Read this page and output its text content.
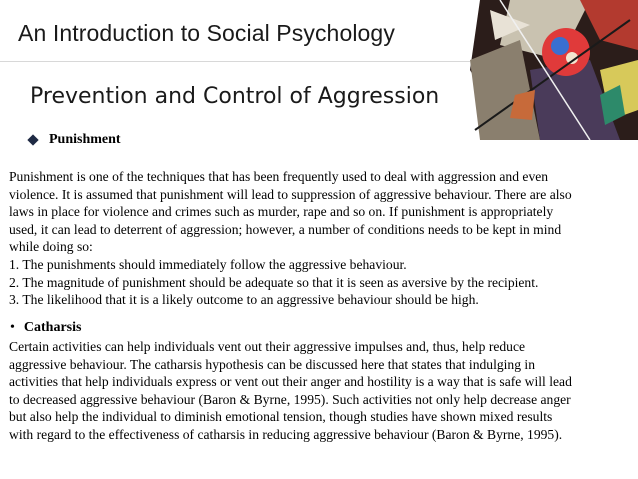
An Introduction to Social Psychology
Prevention and Control of Aggression
Punishment
Punishment is one of the techniques that has been frequently used to deal with aggression and even
violence. It is assumed that punishment will lead to suppression of aggressive behaviour. There are also
laws in place for violence and crimes such as murder, rape and so on. If punishment is appropriately
used, it can lead to deterrent of aggression; however, a number of conditions needs to be kept in mind
while doing so:
1. The punishments should immediately follow the aggressive behaviour.
2. The magnitude of punishment should be adequate so that it is seen as aversive by the recipient.
3. The likelihood that it is a likely outcome to an aggressive behaviour should be high.
• Catharsis
Certain activities can help individuals vent out their aggressive impulses and, thus, help reduce
aggressive behaviour. The catharsis hypothesis can be discussed here that states that indulging in
activities that help individuals express or vent out their anger and hostility is a way that is safe will lead
to decreased aggressive behaviour (Baron & Byrne, 1995). Such activities not only help decrease anger
but also help the individual to diminish emotional tension, though studies have shown mixed results
with regard to the effectiveness of catharsis in reducing aggressive behaviour (Baron & Byrne, 1995).
